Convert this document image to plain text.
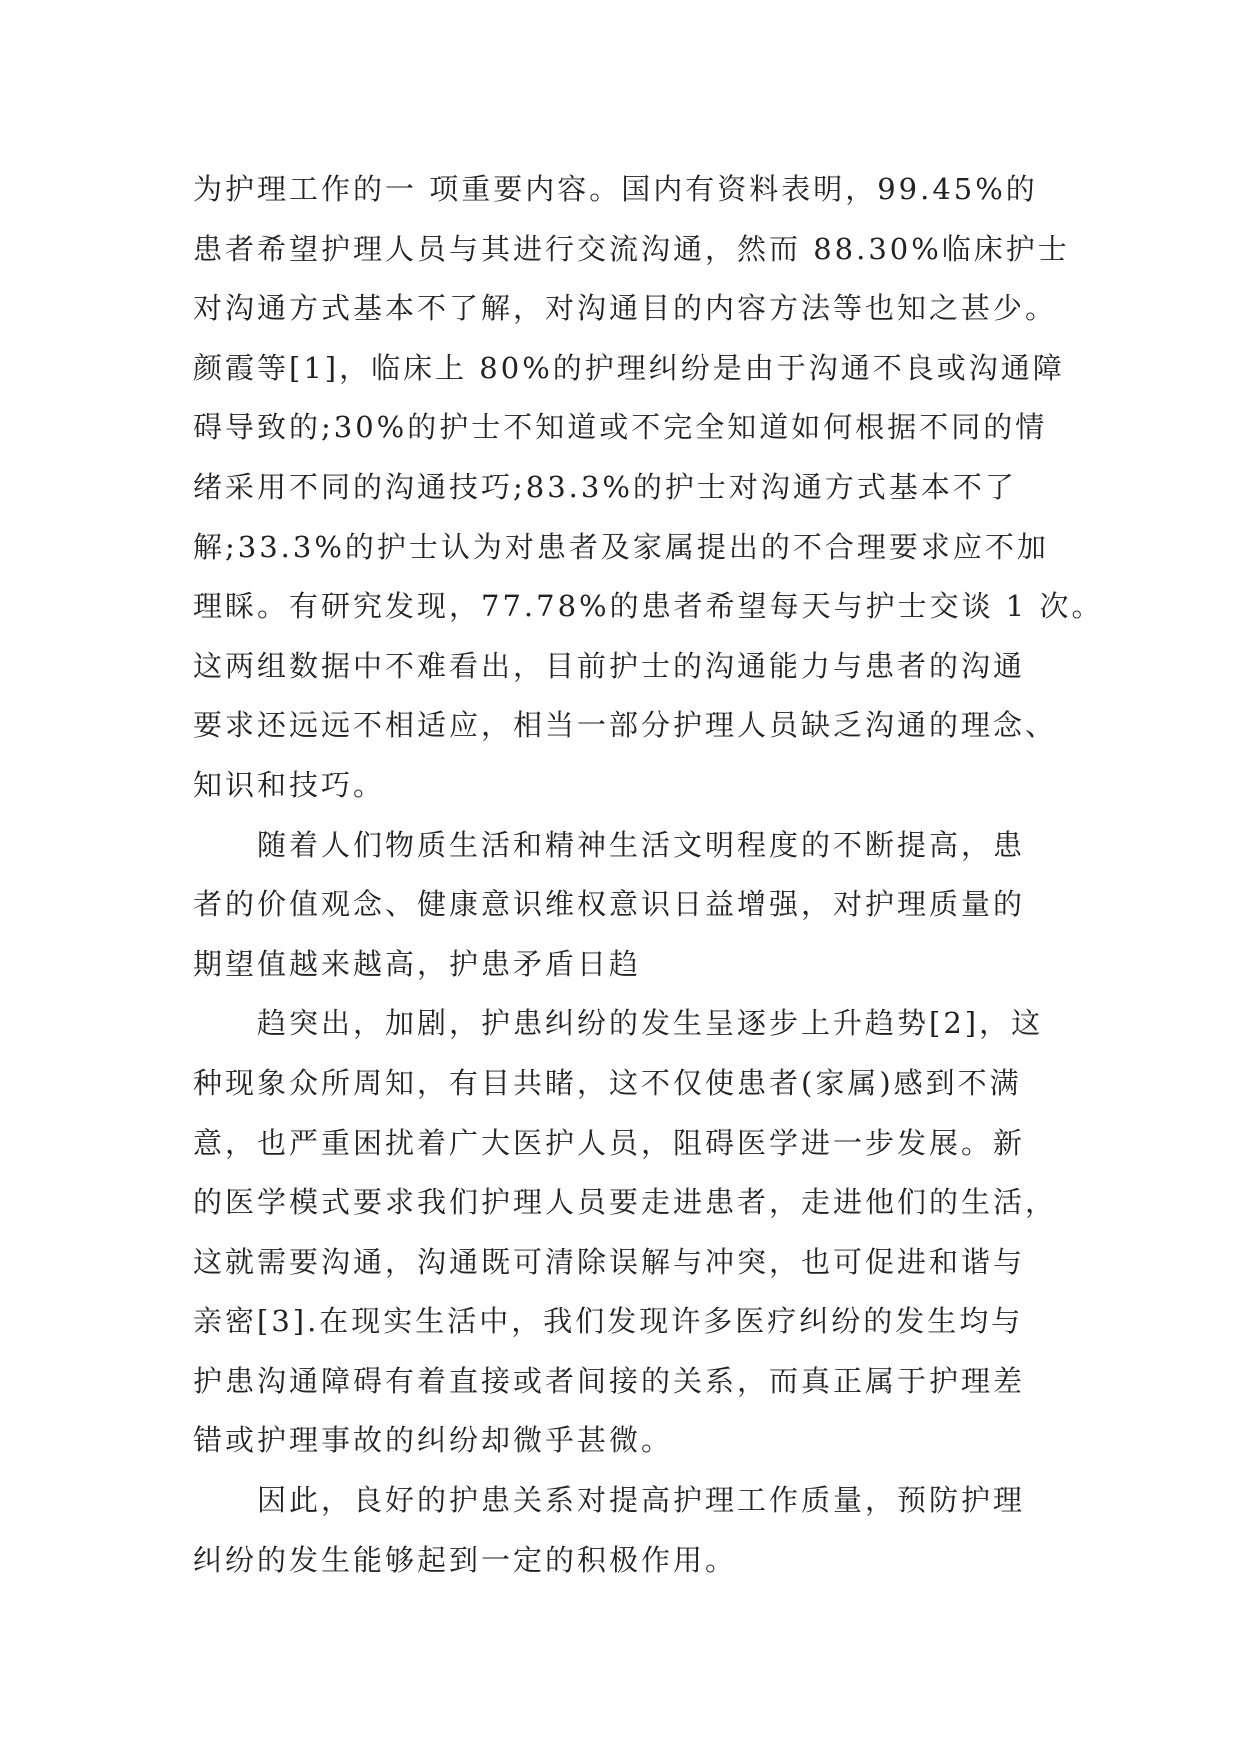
为护理工作的一 项重要内容。国内有资料表明，99.45%的
患者希望护理人员与其进行交流沟通，然而 88.30%临床护士
对沟通方式基本不了解，对沟通目的内容方法等也知之甚少。
颜霞等[1]，临床上 80%的护理纠纷是由于沟通不良或沟通障
碍导致的;30%的护士不知道或不完全知道如何根据不同的情
绪采用不同的沟通技巧;83.3%的护士对沟通方式基本不了
解;33.3%的护士认为对患者及家属提出的不合理要求应不加
理睬。有研究发现，77.78%的患者希望每天与护士交谈 1 次。
这两组数据中不难看出，目前护士的沟通能力与患者的沟通
要求还远远不相适应，相当一部分护理人员缺乏沟通的理念、
知识和技巧。
随着人们物质生活和精神生活文明程度的不断提高，患
者的价值观念、健康意识维权意识日益增强，对护理质量的
期望值越来越高，护患矛盾日趋
趋突出，加剧，护患纠纷的发生呈逐步上升趋势[2]，这
种现象众所周知，有目共睹，这不仅使患者(家属)感到不满
意，也严重困扰着广大医护人员，阻碍医学进一步发展。新
的医学模式要求我们护理人员要走进患者，走进他们的生活，
这就需要沟通，沟通既可清除误解与冲突，也可促进和谐与
亲密[3].在现实生活中，我们发现许多医疗纠纷的发生均与
护患沟通障碍有着直接或者间接的关系，而真正属于护理差
错或护理事故的纠纷却微乎甚微。
因此，良好的护患关系对提高护理工作质量，预防护理
纠纷的发生能够起到一定的积极作用。
